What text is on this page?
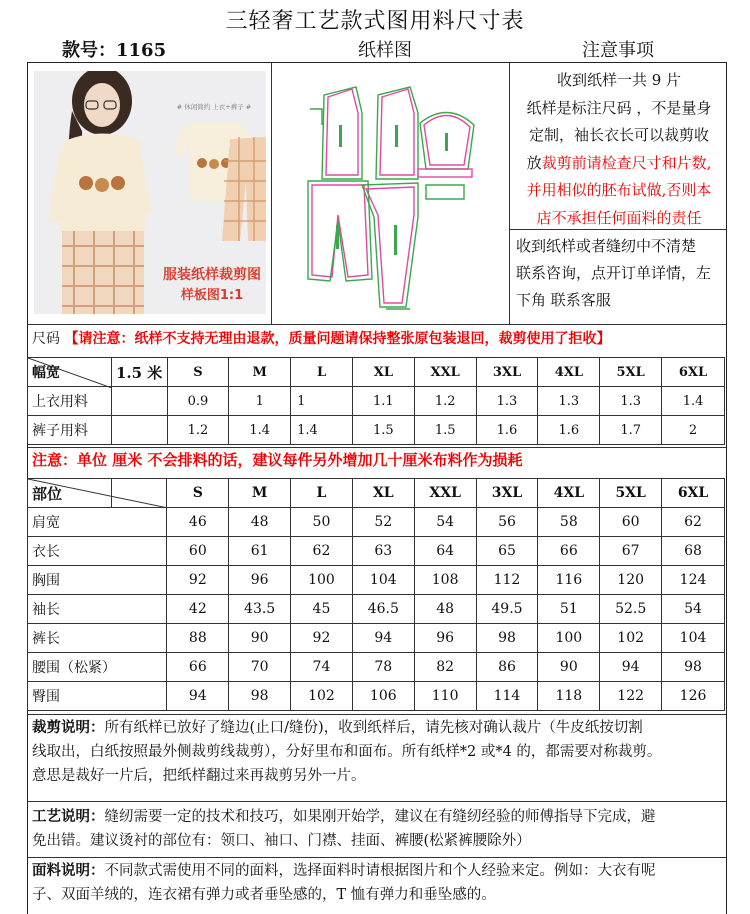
三轻奢工艺款式图用料尺寸表
款号：1165	纸样图	注意事项
# 休闲简约 上衣+裤子 #
服装纸样裁剪图
样板图1:1
收到纸样一共 9 片
纸样是标注尺码 ，不是量身
定制，袖长衣长可以裁剪收
放裁剪前请检查尺寸和片数,
并用相似的胚布试做,否则本
店不承担任何面料的责任
收到纸样或者缝纫中不清楚
联系咨询，点开订单详情，左
下角 联系客服
尺码 【请注意：纸样不支持无理由退款，质量问题请保持整张原包装退回，裁剪使用了拒收】
幅宽	1.5 米	S	M	L	XL	XXL	3XL	4XL	5XL	6XL
上衣用料		0.9	1	1	1.1	1.2	1.3	1.3	1.3	1.4
裤子用料		1.2	1.4	1.4	1.5	1.5	1.6	1.6	1.7	2
注意：单位 厘米 不会排料的话，建议每件另外增加几十厘米布料作为损耗
部位		S	M	L	XL	XXL	3XL	4XL	5XL	6XL
肩宽		46	48	50	52	54	56	58	60	62
衣长		60	61	62	63	64	65	66	67	68
胸围		92	96	100	104	108	112	116	120	124
袖长		42	43.5	45	46.5	48	49.5	51	52.5	54
裤长		88	90	92	94	96	98	100	102	104
腰围（松紧）		66	70	74	78	82	86	90	94	98
臀围		94	98	102	106	110	114	118	122	126
裁剪说明：所有纸样已放好了缝边(止口/缝份)，收到纸样后，请先核对确认裁片（牛皮纸按切割
线取出，白纸按照最外侧裁剪线裁剪），分好里布和面布。所有纸样*2 或*4 的，都需要对称裁剪。
意思是裁好一片后，把纸样翻过来再裁剪另外一片。
工艺说明：缝纫需要一定的技术和技巧，如果刚开始学，建议在有缝纫经验的师傅指导下完成，避
免出错。建议烫衬的部位有：领口、袖口、门襟、挂面、裤腰(松紧裤腰除外）
面料说明：不同款式需使用不同的面料，选择面料时请根据图片和个人经验来定。例如：大衣有呢
子、双面羊绒的，连衣裙有弹力或者垂坠感的，T 恤有弹力和垂坠感的。
